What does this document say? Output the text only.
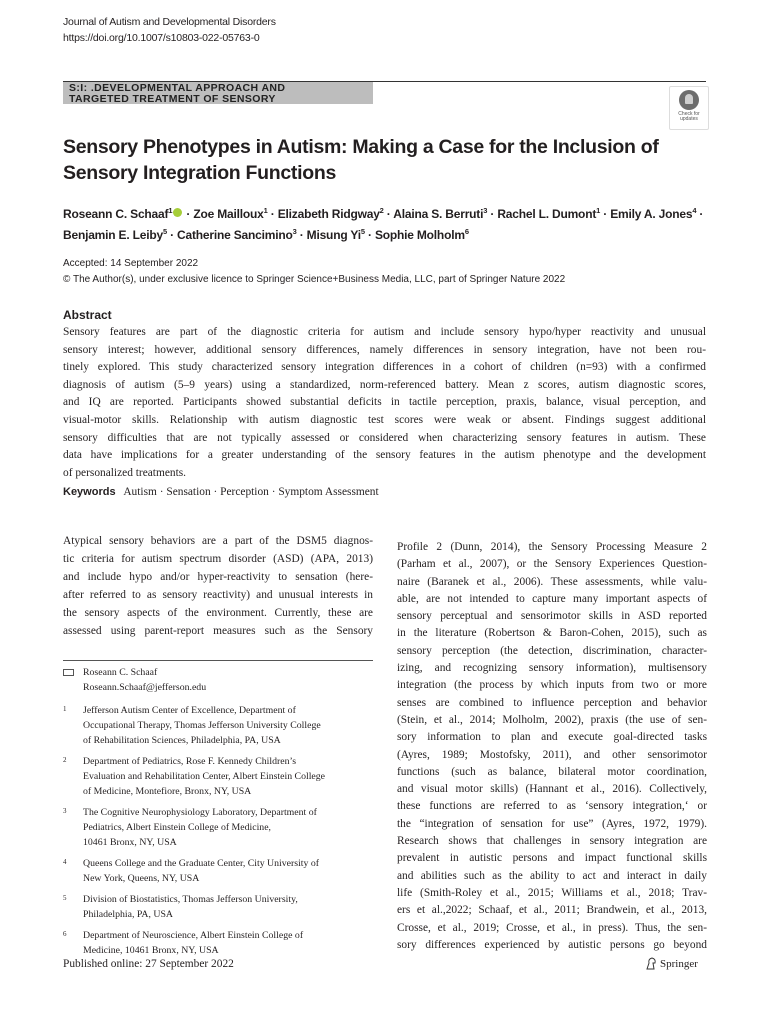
Journal of Autism and Developmental Disorders
https://doi.org/10.1007/s10803-022-05763-0
S:I: .DEVELOPMENTAL APPROACH AND
TARGETED TREATMENT OF SENSORY
Check for
updates
Sensory Phenotypes in Autism: Making a Case for the Inclusion of
Sensory Integration Functions
Roseann C. Schaaf$^1$ · Zoe Mailloux$^1$ · Elizabeth Ridgway$^2$ · Alaina S. Berruti$^3$ · Rachel L. Dumont$^1$ · Emily A. Jones$^4$ ·
Benjamin E. Leiby$^5$ · Catherine Sancimino$^3$ · Misung $Yi^5$ · Sophie Molholm$^6$
Accepted: 14 September 2022
© The Author(s), under exclusive licence to Springer Science+Business Media, LLC, part of Springer Nature 2022
Abstract
Sensory features are part of the diagnostic criteria for autism and include sensory hypo/hyper reactivity and unusual
sensory interest; however, additional sensory differences, namely differences in sensory integration, have not been rou-
tinely explored. This study characterized sensory integration differences in a cohort of children (n=93) with a confirmed
diagnosis of autism (5–9 years) using a standardized, norm-referenced battery. Mean z scores, autism diagnostic scores,
and IQ are reported. Participants showed substantial deficits in tactile perception, praxis, balance, visual perception, and
visual-motor skills. Relationship with autism diagnostic test scores were weak or absent. Findings suggest additional
sensory difficulties that are not typically assessed or considered when characterizing sensory features in autism. These
data have implications for a greater understanding of the sensory features in the autism phenotype and the development
of personalized treatments.
Keywords Autism · Sensation · Perception · Symptom Assessment
Atypical sensory behaviors are a part of the DSM5 diagnos-
tic criteria for autism spectrum disorder (ASD) (APA, 2013)
and include hypo and/or hyper-reactivity to sensation (here-
after referred to as sensory reactivity) and unusual interests in
the sensory aspects of the environment. Currently, these are
assessed using parent-report measures such as the Sensory
Profile 2 (Dunn, 2014), the Sensory Processing Measure 2
(Parham et al., 2007), or the Sensory Experiences Question-
naire (Baranek et al., 2006). These assessments, while valu-
able, are not intended to capture many important aspects of
sensory perceptual and sensorimotor skills in ASD reported
in the literature (Robertson & Baron-Cohen, 2015), such as
sensory perception (the detection, discrimination, character-
izing, and recognizing sensory information), multisensory
integration (the process by which inputs from two or more
senses are combined to influence perception and behavior
(Stein, et al., 2014; Molholm, 2002), praxis (the use of sen-
sory information to plan and execute goal-directed tasks
(Ayres, 1989; Mostofsky, 2011), and other sensorimotor
functions (such as balance, bilateral motor coordination,
and visual motor skills) (Hannant et al., 2016). Collectively,
these functions are referred to as ‘sensory integration,‘ or
the “integration of sensation for use” (Ayres, 1972, 1979).
Research shows that challenges in sensory integration are
prevalent in autistic persons and impact functional skills
and abilities such as the ability to act and interact in daily
life (Smith-Roley et al., 2015; Williams et al., 2018; Trav-
ers et al.,2022; Schaaf, et al., 2011; Brandwein, et al., 2013,
Crosse, et al., 2019; Crosse, et al., in press). Thus, the sen-
sory differences experienced by autistic persons go beyond
Roseann C. Schaaf
Roseann.Schaaf@jefferson.edu
1	Jefferson Autism Center of Excellence, Department of
Occupational Therapy, Thomas Jefferson University College
of Rehabilitation Sciences, Philadelphia, PA, USA
2	Department of Pediatrics, Rose F. Kennedy Children’s
Evaluation and Rehabilitation Center, Albert Einstein College
of Medicine, Montefiore, Bronx, NY, USA
3	The Cognitive Neurophysiology Laboratory, Department of
Pediatrics, Albert Einstein College of Medicine,
10461 Bronx, NY, USA
4	Queens College and the Graduate Center, City University of
New York, Queens, NY, USA
5	Division of Biostatistics, Thomas Jefferson University,
Philadelphia, PA, USA
6	Department of Neuroscience, Albert Einstein College of
Medicine, 10461 Bronx, NY, USA
Published online: 27 September 2022	Springer
